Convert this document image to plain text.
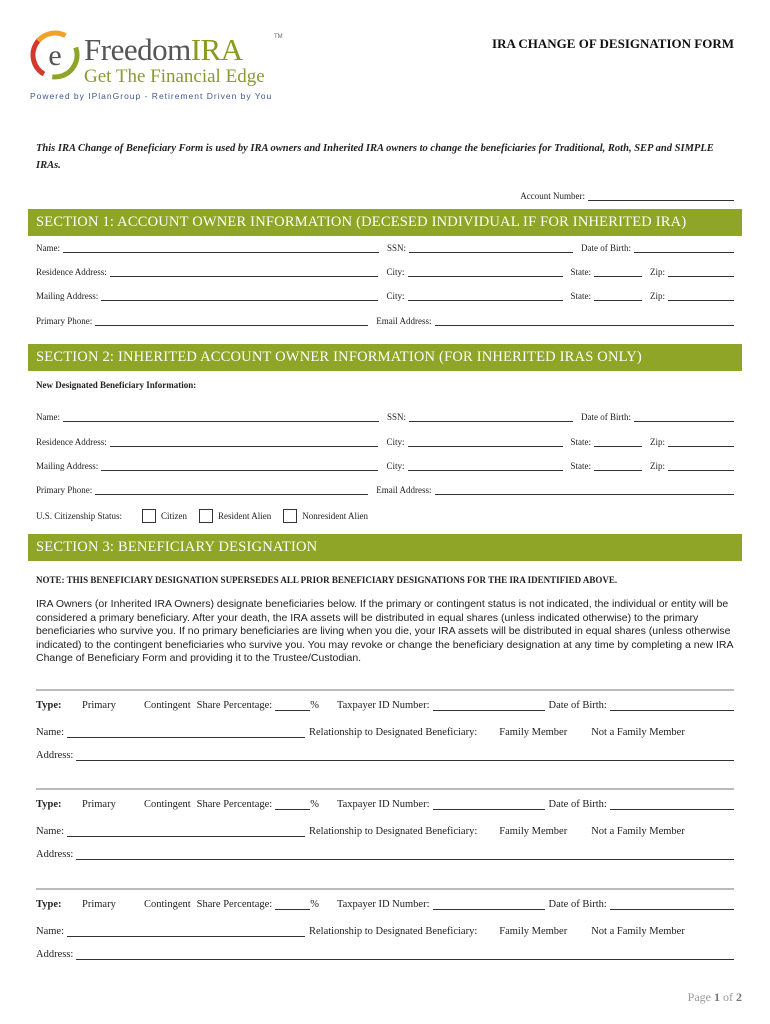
e FreedomIRA	TM
Get The Financial Edge
Powered by IPlanGroup - Retirement Driven by You
IRA CHANGE OF DESIGNATION FORM
This IRA Change of Beneficiary Form is used by IRA owners and Inherited IRA owners to change the beneficiaries for Traditional, Roth, SEP and SIMPLE IRAs.
Account Number:
SECTION 1: ACCOUNT OWNER INFORMATION (DECESED INDIVIDUAL IF FOR INHERITED IRA)
Name:	SSN:	Date of Birth:
Residence Address:	City:	State:	Zip:
Mailing Address:	City:	State:	Zip:
Primary Phone:	Email Address:
SECTION 2: INHERITED ACCOUNT OWNER INFORMATION (FOR INHERITED IRAS ONLY)
New Designated Beneficiary Information:
Name:	SSN:	Date of Birth:
Residence Address:	City:	State:	Zip:
Mailing Address:	City:	State:	Zip:
Primary Phone:	Email Address:
U.S. Citizenship Status:	Citizen	Resident Alien	Nonresident Alien
SECTION 3: BENEFICIARY DESIGNATION
NOTE: THIS BENEFICIARY DESIGNATION SUPERSEDES ALL PRIOR BENEFICIARY DESIGNATIONS FOR THE IRA IDENTIFIED ABOVE.
IRA Owners (or Inherited IRA Owners) designate beneficiaries below. If the primary or contingent status is not indicated, the individual or entity will be considered a primary beneficiary. After your death, the IRA assets will be distributed in equal shares (unless indicated otherwise) to the primary beneficiaries who survive you. If no primary beneficiaries are living when you die, your IRA assets will be distributed in equal shares (unless otherwise indicated) to the contingent beneficiaries who survive you. You may revoke or change the beneficiary designation at any time by completing a new IRA Change of Beneficiary Form and providing it to the Trustee/Custodian.
Type:	Primary	Contingent Share Percentage:	% Taxpayer ID Number:	Date of Birth:
Name:	Relationship to Designated Beneficiary: Family Member Not a Family Member
Address:
Type:	Primary	Contingent Share Percentage:	% Taxpayer ID Number:	Date of Birth:
Name:	Relationship to Designated Beneficiary: Family Member Not a Family Member
Address:
Type:	Primary	Contingent Share Percentage:	% Taxpayer ID Number:	Date of Birth:
Name:	Relationship to Designated Beneficiary: Family Member Not a Family Member
Address:
Page 1 of 2
